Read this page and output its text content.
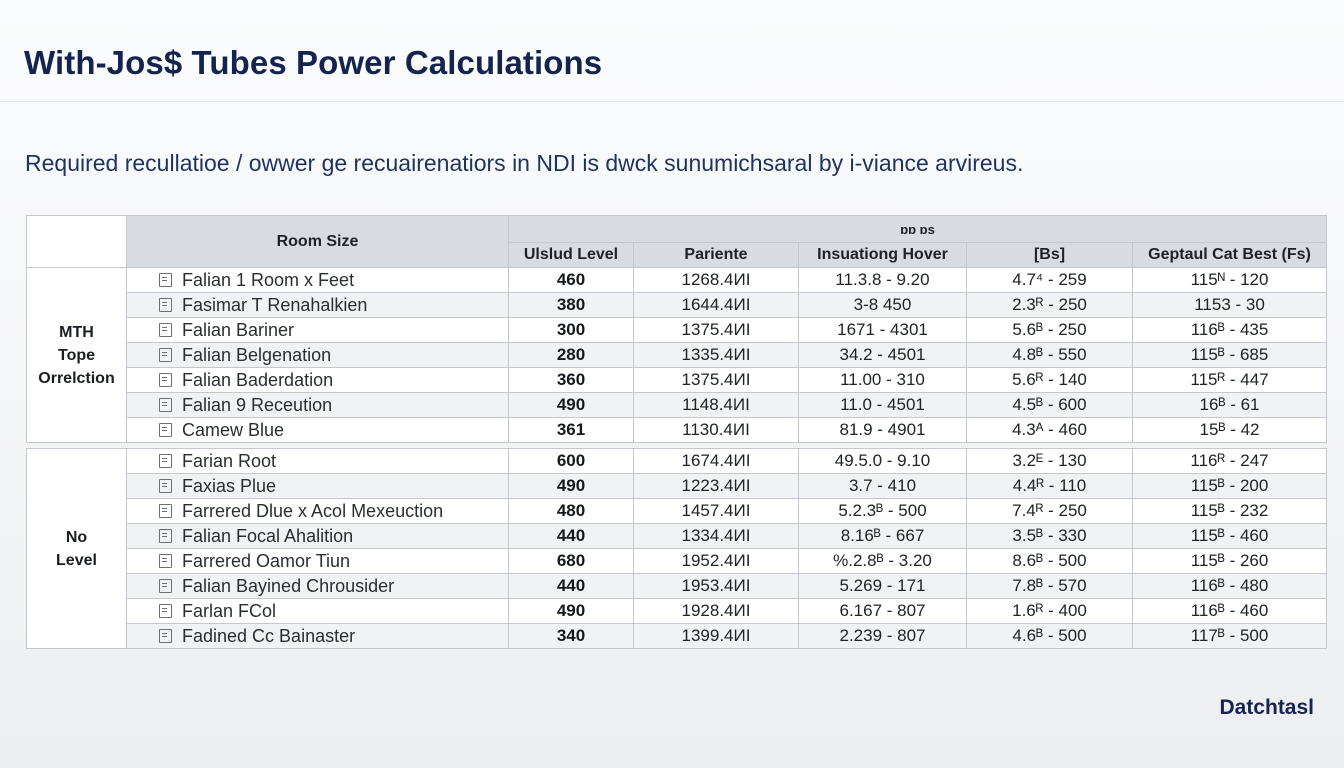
With-Jos$ Tubes Power Calculations

Required recullatioe / owwer ge recuairenatiors in NDI is dwck sunumichsaral by i-viance arvireus.

	Room Size	ɒɒ ɒs				
		Ulslud Level	Pariente	Insuationg Hover	[Bs]	Geptaul Cat Best (Fs)

MTH
Tope
Orrelction	Falian 1 Room x Feet	460	1268.4ИI	11.3.8 - 9.20	4.7⁴ - 259	115ᴺ - 120
	Fasimar T Renahalkien	380	1644.4ИI	3-8 450	2.3ᴿ - 250	1153 - 30
	Falian Bariner	300	1375.4ИI	1671 - 4301	5.6ᴮ - 250	116ᴮ - 435
	Falian Belgenation	280	1335.4ИI	34.2 - 4501	4.8ᴮ - 550	115ᴮ - 685
	Falian Baderdation	360	1375.4ИI	11.00 - 310	5.6ᴿ - 140	115ᴿ - 447
	Falian 9 Receution	490	1148.4ИI	11.0 - 4501	4.5ᴮ - 600	16ᴮ - 61
	Camew Blue	361	1130.4ИI	81.9 - 4901	4.3ᴬ - 460	15ᴮ - 42

No
Level	Farian Root	600	1674.4ИI	49.5.0 - 9.10	3.2ᴱ - 130	116ᴿ - 247
	Faxias Plue	490	1223.4ИI	3.7 - 410	4.4ᴿ - 110	115ᴮ - 200
	Farrered Dlue x Acol Mexeuction	480	1457.4ИI	5.2.3ᴮ - 500	7.4ᴿ - 250	115ᴮ - 232
	Falian Focal Ahalition	440	1334.4ИI	8.16ᴮ - 667	3.5ᴮ - 330	115ᴮ - 460
	Farrered Oamor Tiun	680	1952.4ИI	%.2.8ᴮ - 3.20	8.6ᴮ - 500	115ᴮ - 260
	Falian Bayined Chrousider	440	1953.4ИI	5.269 - 171	7.8ᴮ - 570	116ᴮ - 480
	Farlan FCol	490	1928.4ИI	6.167 - 807	1.6ᴿ - 400	116ᴮ - 460
	Fadined Cc Bainaster	340	1399.4ИI	2.239 - 807	4.6ᴮ - 500	117ᴮ - 500
Datchtasl
